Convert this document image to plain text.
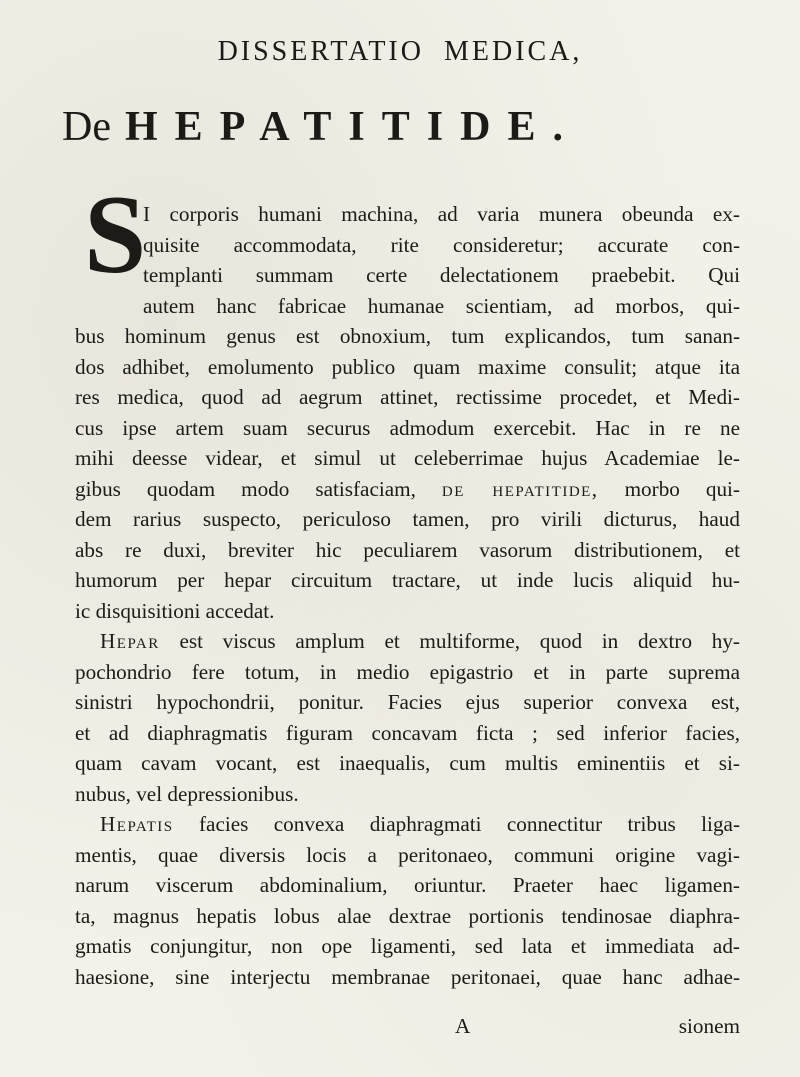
DISSERTATIO MEDICA,
De HEPATITIDE.
S
I corporis humani machina, ad varia munera obeunda ex-
quisite accommodata, rite consideretur; accurate con-
templanti summam certe delectationem praebebit. Qui
autem hanc fabricae humanae scientiam, ad morbos, qui-
bus hominum genus est obnoxium, tum explicandos, tum sanan-
dos adhibet, emolumento publico quam maxime consulit; atque ita
res medica, quod ad aegrum attinet, rectissime procedet, et Medi-
cus ipse artem suam securus admodum exercebit. Hac in re ne
mihi deesse videar, et simul ut celeberrimae hujus Academiae le-
gibus quodam modo satisfaciam, de hepatitide, morbo qui-
dem rarius suspecto, periculoso tamen, pro virili dicturus, haud
abs re duxi, breviter hic peculiarem vasorum distributionem, et
humorum per hepar circuitum tractare, ut inde lucis aliquid hu-
ic disquisitioni accedat.
Hepar est viscus amplum et multiforme, quod in dextro hy-
pochondrio fere totum, in medio epigastrio et in parte suprema
sinistri hypochondrii, ponitur. Facies ejus superior convexa est,
et ad diaphragmatis figuram concavam ficta ; sed inferior facies,
quam cavam vocant, est inaequalis, cum multis eminentiis et si-
nubus, vel depressionibus.
Hepatis facies convexa diaphragmati connectitur tribus liga-
mentis, quae diversis locis a peritonaeo, communi origine vagi-
narum viscerum abdominalium, oriuntur. Praeter haec ligamen-
ta, magnus hepatis lobus alae dextrae portionis tendinosae diaphra-
gmatis conjungitur, non ope ligamenti, sed lata et immediata ad-
haesione, sine interjectu membranae peritonaei, quae hanc adhae-
A	sionem
